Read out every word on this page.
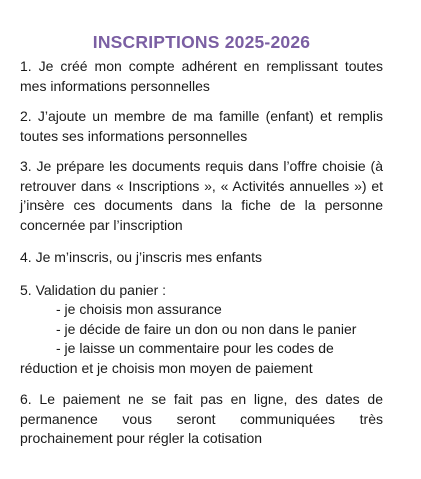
INSCRIPTIONS 2025-2026

1. Je créé mon compte adhérent en remplissant toutes mes informations personnelles

2. J’ajoute un membre de ma famille (enfant) et remplis toutes ses informations personnelles

3. Je prépare les documents requis dans l’offre choisie (à retrouver dans « Inscriptions », « Activités annuelles ») et j’insère ces documents dans la fiche de la personne concernée par l’inscription

4. Je m’inscris, ou j’inscris mes enfants

5. Validation du panier :

- je choisis mon assurance

- je décide de faire un don ou non dans le panier

- je laisse un commentaire pour les codes de

réduction et je choisis mon moyen de paiement

6. Le paiement ne se fait pas en ligne, des dates de permanence vous seront communiquées très prochainement pour régler la cotisation
